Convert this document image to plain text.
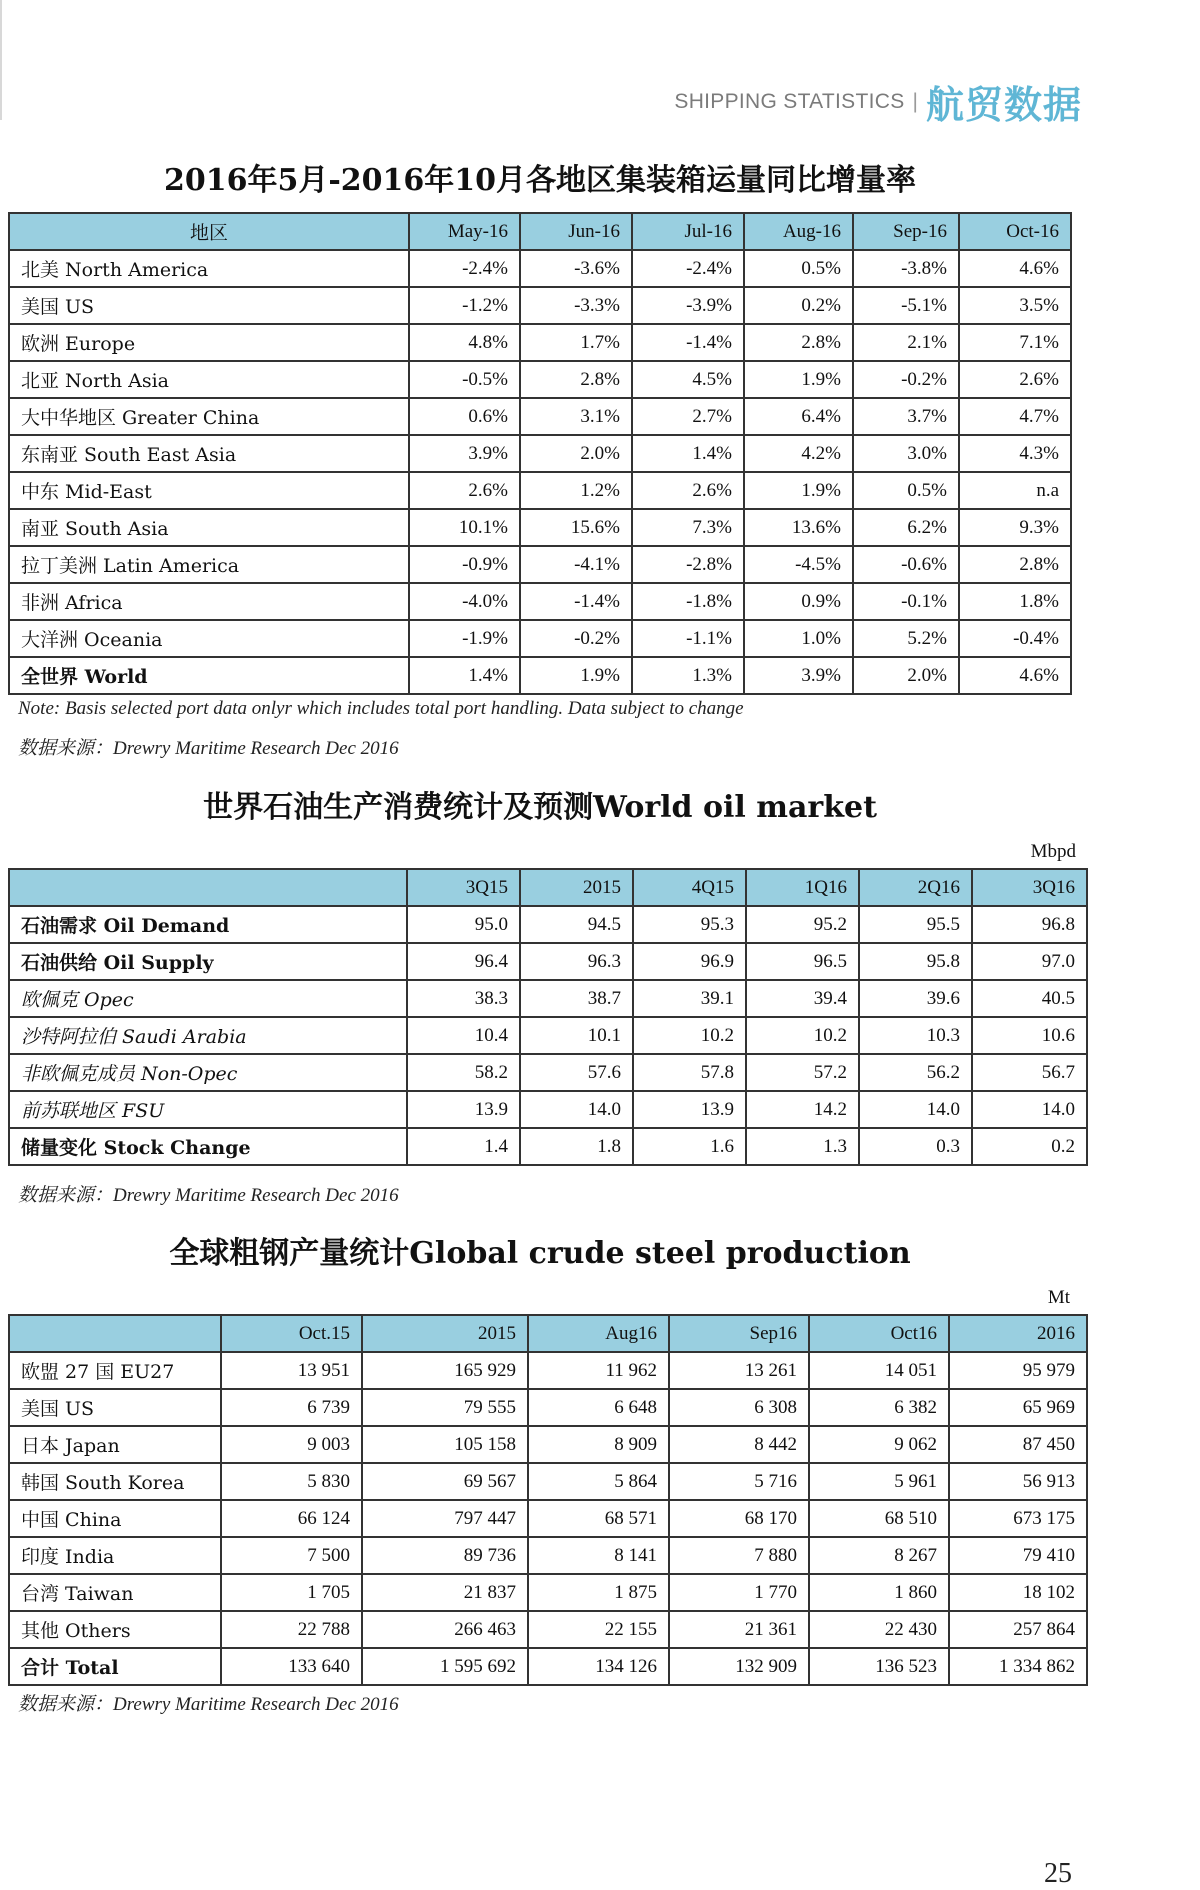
SHIPPING STATISTICS | 航贸数据
2016年5月-2016年10月各地区集装箱运量同比增量率
地区	May-16	Jun-16	Jul-16	Aug-16	Sep-16	Oct-16
北美 North America	-2.4%	-3.6%	-2.4%	0.5%	-3.8%	4.6%
美国 US	-1.2%	-3.3%	-3.9%	0.2%	-5.1%	3.5%
欧洲 Europe	4.8%	1.7%	-1.4%	2.8%	2.1%	7.1%
北亚 North Asia	-0.5%	2.8%	4.5%	1.9%	-0.2%	2.6%
大中华地区 Greater China	0.6%	3.1%	2.7%	6.4%	3.7%	4.7%
东南亚 South East Asia	3.9%	2.0%	1.4%	4.2%	3.0%	4.3%
中东 Mid-East	2.6%	1.2%	2.6%	1.9%	0.5%	n.a
南亚 South Asia	10.1%	15.6%	7.3%	13.6%	6.2%	9.3%
拉丁美洲 Latin America	-0.9%	-4.1%	-2.8%	-4.5%	-0.6%	2.8%
非洲 Africa	-4.0%	-1.4%	-1.8%	0.9%	-0.1%	1.8%
大洋洲 Oceania	-1.9%	-0.2%	-1.1%	1.0%	5.2%	-0.4%
全世界 World	1.4%	1.9%	1.3%	3.9%	2.0%	4.6%
Note: Basis selected port data onlyr which includes total port handling. Data subject to change
数据来源：Drewry Maritime Research Dec 2016
世界石油生产消费统计及预测World oil market
Mbpd
	3Q15	2015	4Q15	1Q16	2Q16	3Q16
石油需求 Oil Demand	95.0	94.5	95.3	95.2	95.5	96.8
石油供给 Oil Supply	96.4	96.3	96.9	96.5	95.8	97.0
欧佩克 Opec	38.3	38.7	39.1	39.4	39.6	40.5
沙特阿拉伯 Saudi Arabia	10.4	10.1	10.2	10.2	10.3	10.6
非欧佩克成员 Non-Opec	58.2	57.6	57.8	57.2	56.2	56.7
前苏联地区 FSU	13.9	14.0	13.9	14.2	14.0	14.0
储量变化 Stock Change	1.4	1.8	1.6	1.3	0.3	0.2
数据来源：Drewry Maritime Research Dec 2016
全球粗钢产量统计Global crude steel production
Mt
	Oct.15	2015	Aug16	Sep16	Oct16	2016
欧盟 27 国 EU27	13 951	165 929	11 962	13 261	14 051	95 979
美国 US	6 739	79 555	6 648	6 308	6 382	65 969
日本 Japan	9 003	105 158	8 909	8 442	9 062	87 450
韩国 South Korea	5 830	69 567	5 864	5 716	5 961	56 913
中国 China	66 124	797 447	68 571	68 170	68 510	673 175
印度 India	7 500	89 736	8 141	7 880	8 267	79 410
台湾 Taiwan	1 705	21 837	1 875	1 770	1 860	18 102
其他 Others	22 788	266 463	22 155	21 361	22 430	257 864
合计 Total	133 640	1 595 692	134 126	132 909	136 523	1 334 862
数据来源：Drewry Maritime Research Dec 2016
25
